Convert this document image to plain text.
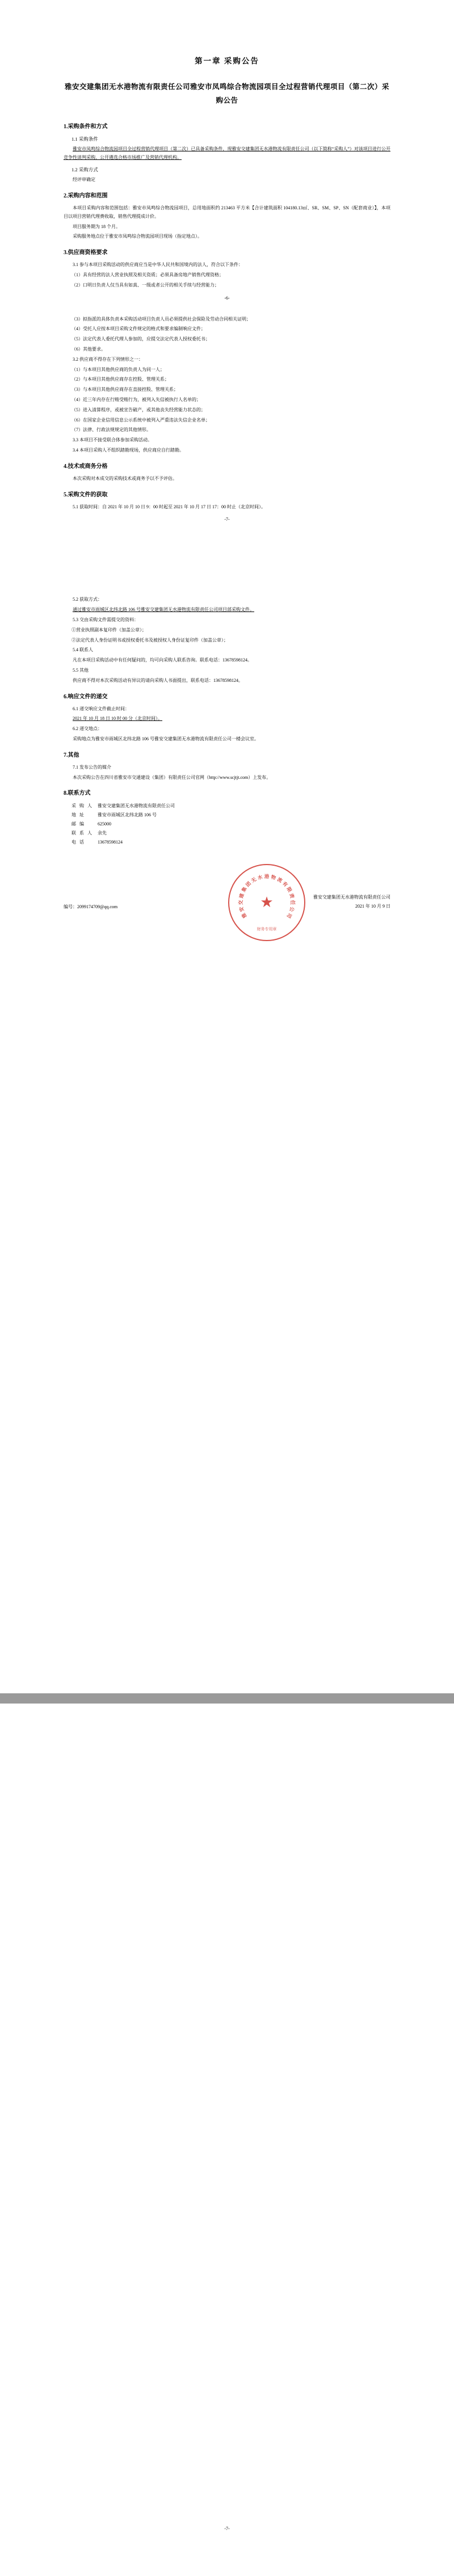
第一章 采购公告
雅安交建集团无水港物流有限责任公司雅安市凤鸣综合物流园项目全过程营销代理项目（第二次）采购公告
1.采购条件和方式
1.1 采购条件

雅安市凤鸣综合物流园项目全过程营销代理项目（第二次）已具备采购条件，现雅安交建集团无水港物流有限责任公司（以下简称“采购人”）对该项目进行公开竞争性谈判采购，公开遴选合格市场推广及营销代理机构。

1.2 采购方式

经评审确定

2.采购内容和范围

本项目采购内容和范围包括：雅安市凤鸣综合物流园项目，总用地面积约 213463 平方米【合计建筑面积 104180.13㎡、SR、SM、SP、SN（配套商业）】，本项目以项目营销代理费收取，销售代理提成计价。

项目服务期为 18 个月。

采购服务地点位于雅安市凤鸣综合物流园项目现场（指定地点）。

3.供应商资格要求

3.1 参与本项目采购活动的供应商应当是中华人民共和国境内的法人，符合以下条件：

（1）具有经营的法人营业执照及相关资质；必须具备房地产销售代理资格；

（2）口明日负责人仅当具有如真、一级或者公开的相关手续与经营能力；

-6-

（3）拟指派的具体负责本采购活动项目负责人员必须提供社会保险及劳动合同相关证明；

（4）受托人应按本项目采购文件规定的格式和要求编制响应文件；

（5）法定代表人委托代理人参加的，应提交法定代表人授权委托书；

（6）其他要求。

3.2 供应商不得存在下列情形之一：

（1）与本项目其他供应商的负责人为同一人；

（2）与本项目其他供应商存在控股、管理关系；

（3）与本项目其他供应商存在直接控股、管理关系；

（4）近三年内存在行贿受贿行为，被列入失信被执行人名单的；

（5）进入清算程序，或被宣告破产，或其他丧失经营能力状态的；

（6）在国家企业信用信息公示系统中被列入严重违法失信企业名单；

（7）法律、行政法规规定的其他情形。

3.3 本项目不接受联合体参加采购活动。

3.4 本项目采购人不组织踏勘现场，供应商应自行踏勘。

4.技术或商务分格

本次采购对本成交的采购技术或商务予以不予评估。

5.采购文件的获取

5.1 获取时间：自 2021 年 10 月 10 日 9：00 时起至 2021 年 10 月 17 日 17：00 时止（北京时间）。

-7-

5.2 获取方式：

通过雅安市雨城区北纬北路 106 号雅安交建集团无水港物流有限责任公司项目部采购文件。

5.3 交由采购文件需提交的资料：

①营业执照副本复印件（加盖公章）；

②法定代表人身份证明书或授权委托书及被授权人身份证复印件（加盖公章）；

5.4 联系人

凡在本项目采购活动中有任何疑问的，均可向采购人联系咨询。联系电话：13678598124。

5.5 其他

供应商不得对本次采购活动有异议的请向采购人书面提出，联系电话：13678598124。

6.响应文件的递交

6.1 递交响应文件截止时间：

2021 年 10 月 18 日 10 时 00 分（北京时间）。

6.2 递交地点：

采购地点为雅安市雨城区北纬北路 106 号雅安交建集团无水港物流有限责任公司一楼会议室。

7.其他

7.1 发布公告的媒介

本次采购公告在四川省雅安市交通建设（集团）有限责任公司官网（http://www.scjtjt.com）上发布。

8.联系方式
采购人 雅安交建集团无水港物流有限责任公司
地址 雅安市雨城区北纬北路 106 号
邮编 625000
联系人 余先
电话 13678598124
编号：2099174709@qq.com	★
雅
安
交
建
集
团
无 水 港 物 流
有
限
责
任
公
司
财务专用章
雅安交建集团无水港物流有限责任公司
2021 年 10 月 9 日
-7-
